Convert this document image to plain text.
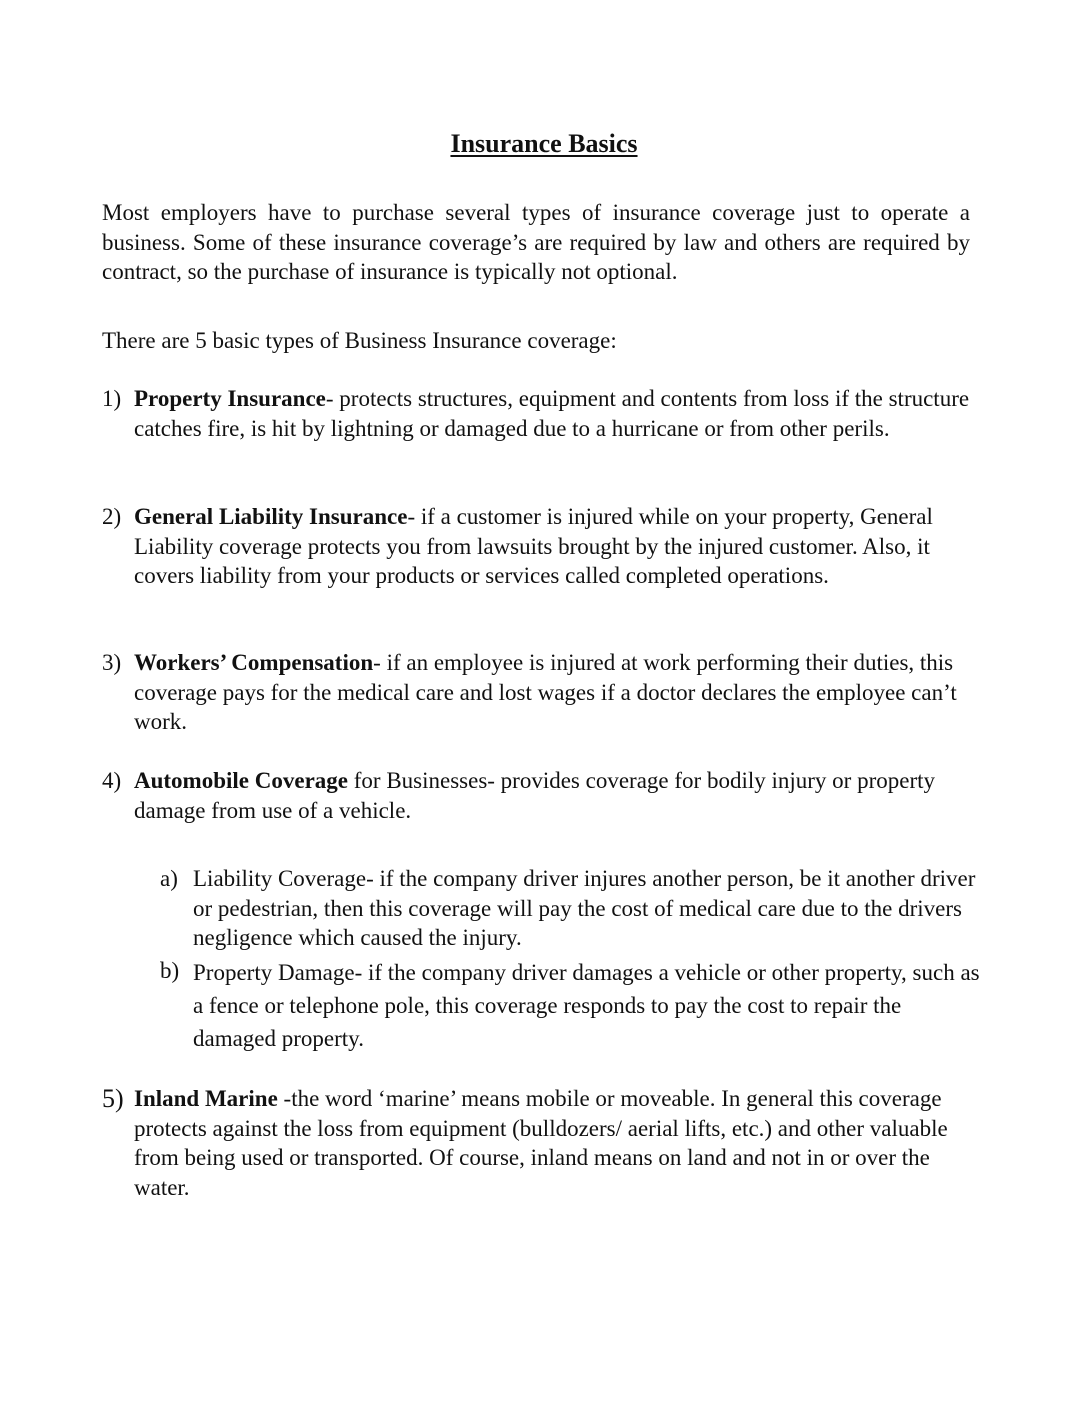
Insurance Basics

Most employers have to purchase several types of insurance coverage just to operate a business. Some of these insurance coverage’s are required by law and others are required by contract, so the purchase of insurance is typically not optional.

There are 5 basic types of Business Insurance coverage:

1) Property Insurance- protects structures, equipment and contents from loss if the structure catches fire, is hit by lightning or damaged due to a hurricane or from other perils.
2) General Liability Insurance- if a customer is injured while on your property, General Liability coverage protects you from lawsuits brought by the injured customer. Also, it covers liability from your products or services called completed operations.
3) Workers’ Compensation- if an employee is injured at work performing their duties, this coverage pays for the medical care and lost wages if a doctor declares the employee can’t work.
4) Automobile Coverage for Businesses- provides coverage for bodily injury or property damage from use of a vehicle.
a) Liability Coverage- if the company driver injures another person, be it another driver or pedestrian, then this coverage will pay the cost of medical care due to the drivers negligence which caused the injury.
b) Property Damage- if the company driver damages a vehicle or other property, such as a fence or telephone pole, this coverage responds to pay the cost to repair the damaged property.
5) Inland Marine -the word ‘marine’ means mobile or moveable. In general this coverage protects against the loss from equipment (bulldozers/ aerial lifts, etc.) and other valuable from being used or transported. Of course, inland means on land and not in or over the water.
